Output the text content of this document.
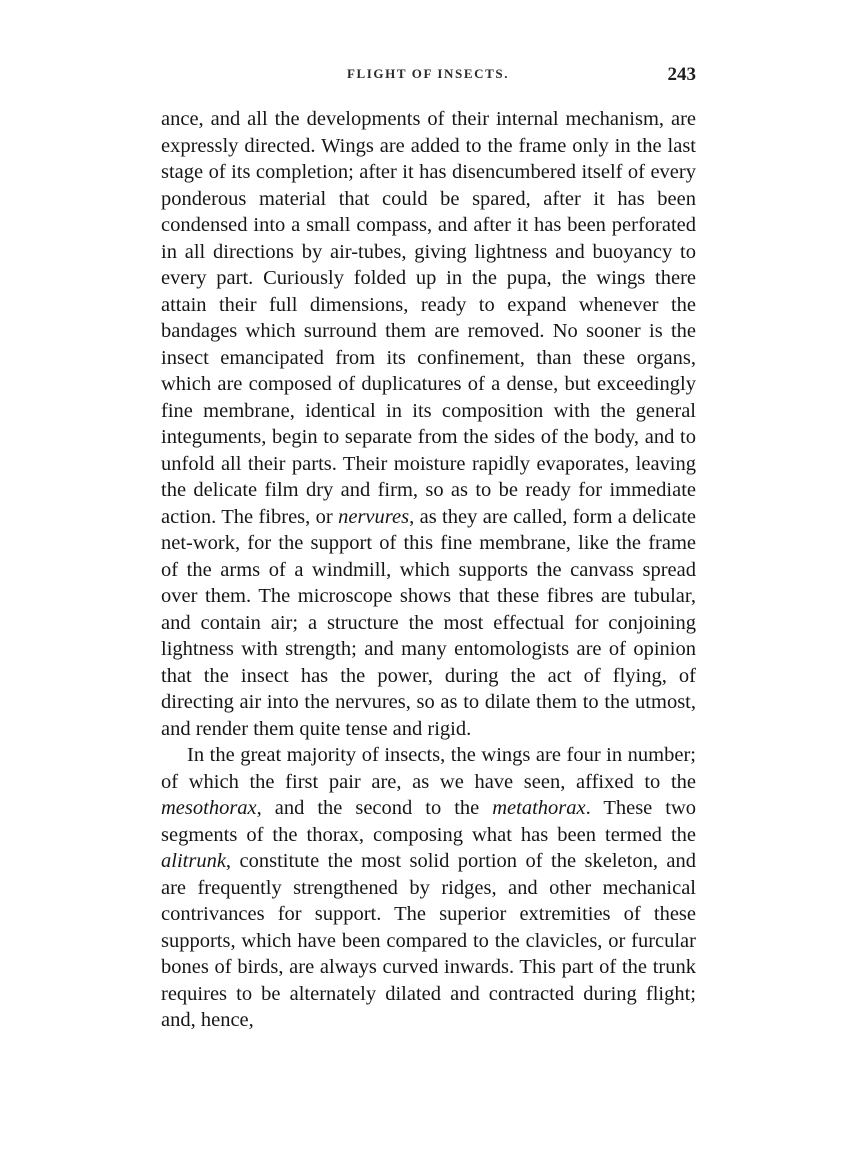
FLIGHT OF INSECTS.	243

ance, and all the developments of their internal mechanism, are expressly directed. Wings are added to the frame only in the last stage of its completion; after it has disencumbered itself of every ponderous material that could be spared, after it has been condensed into a small compass, and after it has been perforated in all directions by air-tubes, giving lightness and buoyancy to every part. Curiously folded up in the pupa, the wings there attain their full dimensions, ready to expand whenever the bandages which surround them are removed. No sooner is the insect emancipated from its confinement, than these organs, which are composed of duplicatures of a dense, but exceedingly fine membrane, identical in its composition with the general integuments, begin to separate from the sides of the body, and to unfold all their parts. Their moisture rapidly evaporates, leaving the delicate film dry and firm, so as to be ready for immediate action. The fibres, or nervures, as they are called, form a delicate net-work, for the support of this fine membrane, like the frame of the arms of a windmill, which supports the canvass spread over them. The microscope shows that these fibres are tubular, and contain air; a structure the most effectual for conjoining lightness with strength; and many entomologists are of opinion that the insect has the power, during the act of flying, of directing air into the nervures, so as to dilate them to the utmost, and render them quite tense and rigid.

In the great majority of insects, the wings are four in number; of which the first pair are, as we have seen, affixed to the mesothorax, and the second to the metathorax. These two segments of the thorax, composing what has been termed the alitrunk, constitute the most solid portion of the skeleton, and are frequently strengthened by ridges, and other mechanical contrivances for support. The superior extremities of these supports, which have been compared to the clavicles, or furcular bones of birds, are always curved inwards. This part of the trunk requires to be alternately dilated and contracted during flight; and, hence,
